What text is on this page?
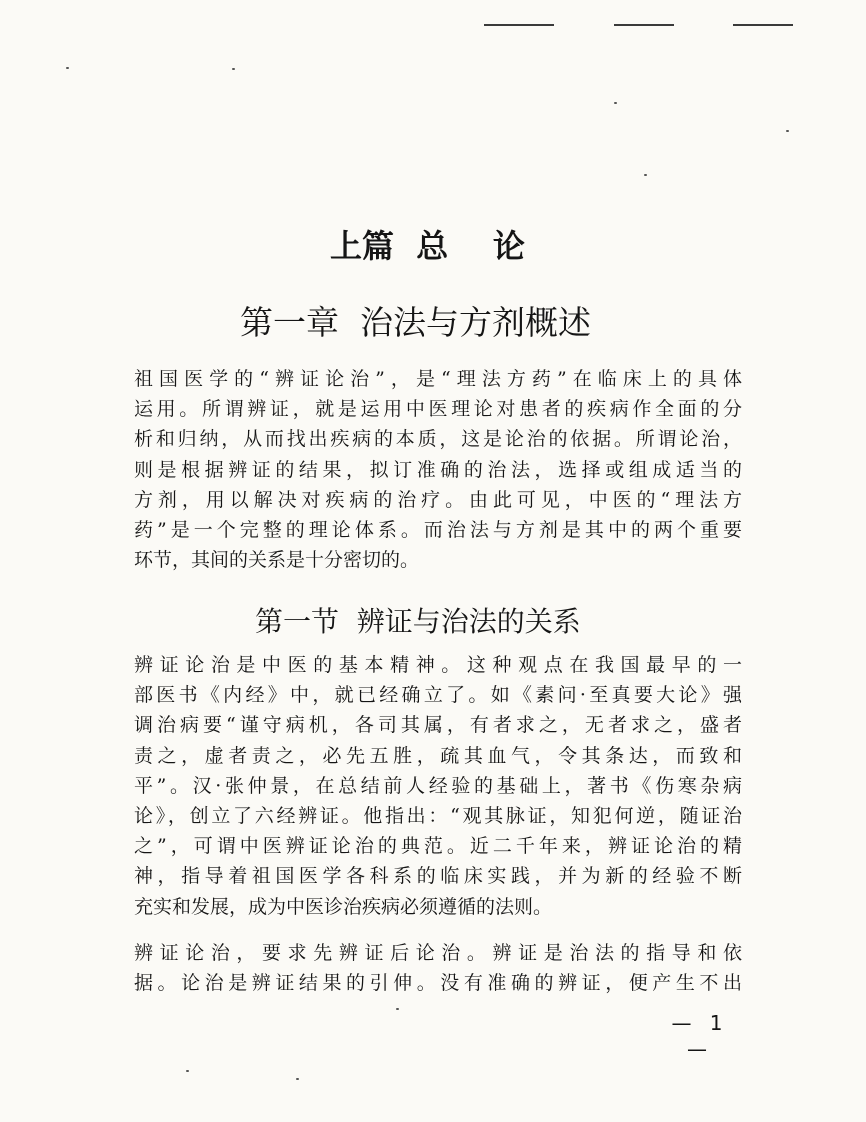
上篇  总    论
第一章  治法与方剂概述
祖国医学的“辨证论治”，是“理法方药”在临床上的具体
运用。所谓辨证，就是运用中医理论对患者的疾病作全面的分
析和归纳，从而找出疾病的本质，这是论治的依据。所谓论治，
则是根据辨证的结果，拟订准确的治法，选择或组成适当的
方剂，用以解决对疾病的治疗。由此可见，中医的“理法方
药”是一个完整的理论体系。而治法与方剂是其中的两个重要
环节，其间的关系是十分密切的。
第一节  辨证与治法的关系
辨证论治是中医的基本精神。这种观点在我国最早的一
部医书《内经》中，就已经确立了。如《素问·至真要大论》强
调治病要“谨守病机，各司其属，有者求之，无者求之，盛者
责之，虚者责之，必先五胜，疏其血气，令其条达，而致和
平”。汉·张仲景，在总结前人经验的基础上，著书《伤寒杂病
论》，创立了六经辨证。他指出：“观其脉证，知犯何逆，随证治
之”，可谓中医辨证论治的典范。近二千年来，辨证论治的精
神，指导着祖国医学各科系的临床实践，并为新的经验不断
充实和发展，成为中医诊治疾病必须遵循的法则。
辨证论治，要求先辨证后论治。辨证是治法的指导和依
据。论治是辨证结果的引伸。没有准确的辨证，便产生不出
— 1 —
